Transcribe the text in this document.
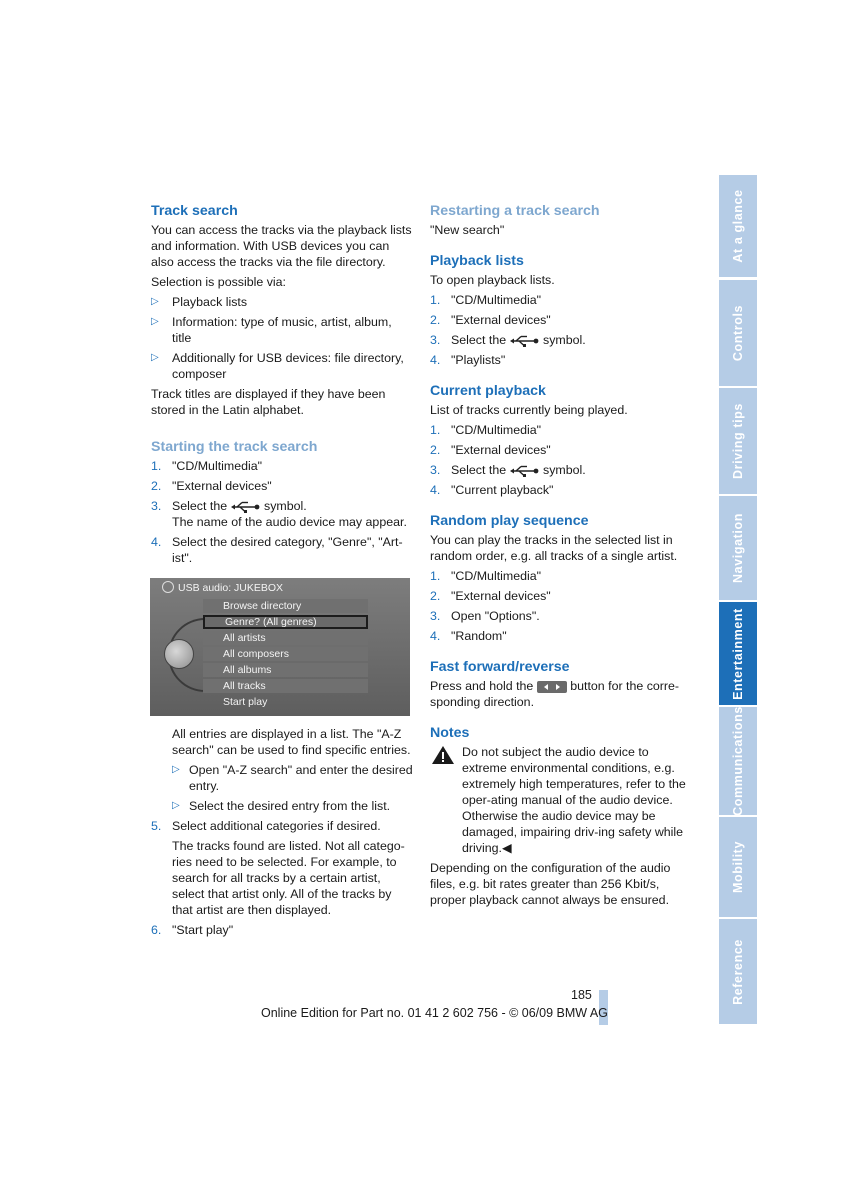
Track search
You can access the tracks via the playback lists and information. With USB devices you can also access the tracks via the file directory.
Selection is possible via:
▷ Playback lists
▷ Information: type of music, artist, album, title
▷ Additionally for USB devices: file directory, composer
Track titles are displayed if they have been stored in the Latin alphabet.
Starting the track search
1. "CD/Multimedia"
2. "External devices"
3. Select the	symbol.
The name of the audio device may appear.
4. Select the desired category, "Genre", "Art-ist".
USB audio: JUKEBOX
Browse directory
Genre? (All genres)
All artists
All composers
All albums
All tracks
Start play
All entries are displayed in a list. The "A-Z search" can be used to find specific entries.
▷ Open "A-Z search" and enter the desired entry.
▷ Select the desired entry from the list.
5. Select additional categories if desired.
The tracks found are listed. Not all catego-ries need to be selected. For example, to search for all tracks by a certain artist, select that artist only. All of the tracks by that artist are then displayed.
6. "Start play"
Restarting a track search
"New search"
Playback lists
To open playback lists.
1. "CD/Multimedia"
2. "External devices"
3. Select the	symbol.
4. "Playlists"
Current playback
List of tracks currently being played.
1. "CD/Multimedia"
2. "External devices"
3. Select the	symbol.
4. "Current playback"
Random play sequence
You can play the tracks in the selected list in random order, e.g. all tracks of a single artist.
1. "CD/Multimedia"
2. "External devices"
3. Open "Options".
4. "Random"
Fast forward/reverse
Press and hold the	button for the corre-sponding direction.
Notes
Do not subject the audio device to extreme environmental conditions, e.g. extremely high temperatures, refer to the oper-ating manual of the audio device. Otherwise the audio device may be damaged, impairing driv-ing safety while driving.◀
Depending on the configuration of the audio files, e.g. bit rates greater than 256 Kbit/s, proper playback cannot always be ensured.
At a glance
Controls
Driving tips
Navigation
Entertainment
Communications
Mobility
Reference
185
Online Edition for Part no. 01 41 2 602 756 - © 06/09 BMW AG
